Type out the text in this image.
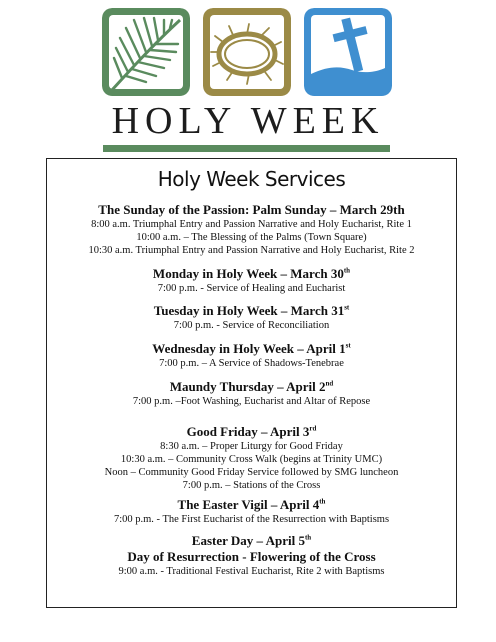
HOLY WEEK
Holy Week Services
The Sunday of the Passion: Palm Sunday – March 29th
8:00 a.m. Triumphal Entry and Passion Narrative and Holy Eucharist, Rite 1
10:00 a.m. – The Blessing of the Palms (Town Square)
10:30 a.m. Triumphal Entry and Passion Narrative and Holy Eucharist, Rite 2
Monday in Holy Week – March 30th
7:00 p.m. - Service of Healing and Eucharist
Tuesday in Holy Week – March 31st
7:00 p.m. - Service of Reconciliation
Wednesday in Holy Week – April 1st
7:00 p.m. – A Service of Shadows-Tenebrae
Maundy Thursday – April 2nd
7:00 p.m. –Foot Washing, Eucharist and Altar of Repose
Good Friday – April 3rd
8:30 a.m. – Proper Liturgy for Good Friday
10:30 a.m. – Community Cross Walk (begins at Trinity UMC)
Noon – Community Good Friday Service followed by SMG luncheon
7:00 p.m. – Stations of the Cross
The Easter Vigil – April 4th
7:00 p.m. - The First Eucharist of the Resurrection with Baptisms
Easter Day – April 5th
Day of Resurrection - Flowering of the Cross
9:00 a.m. - Traditional Festival Eucharist, Rite 2 with Baptisms
